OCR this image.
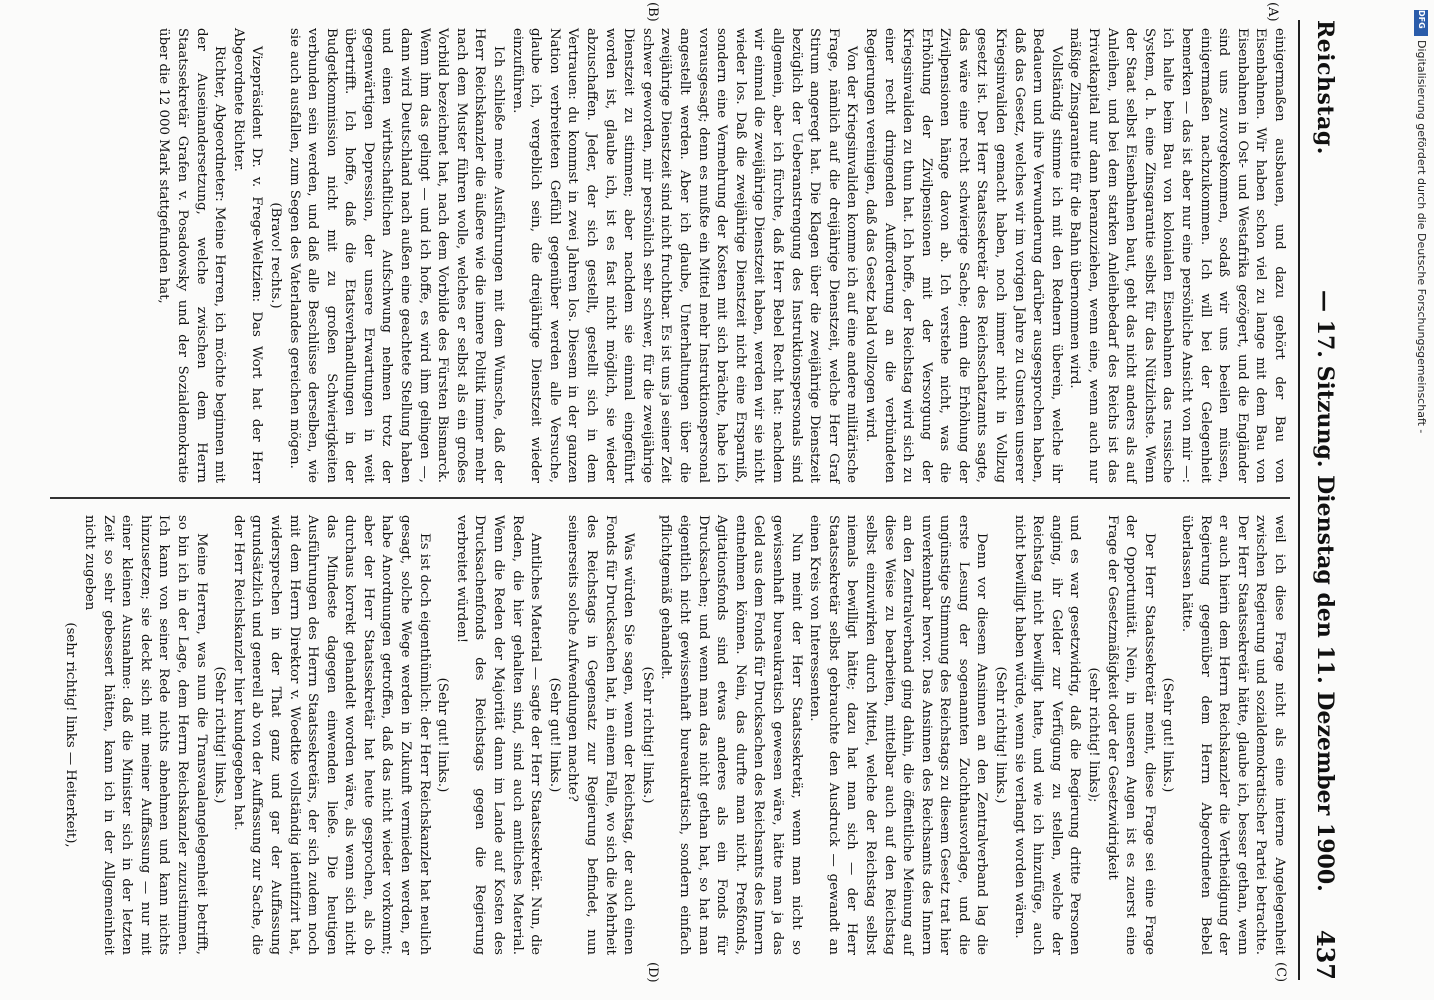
Reichstag.
— 17. Sitzung. Dienstag den 11. Dezember 1900.
437
(A)
(B)
(C)
(D)

einigermaßen ausbauen, und dazu gehört der Bau von Eisenbahnen. Wir haben schon viel zu lange mit dem Bau von Eisenbahnen in Ost- und Westafrika gezögert, und die Engländer sind uns zuvorgekommen, sodaß wir uns beeilen müssen, einigermaßen nachzukommen. Ich will bei der Gelegenheit bemerken — das ist aber nur eine persönliche Ansicht von mir —: ich halte beim Bau von kolonialen Eisenbahnen das russische System, d. h. eine Zinsgarantie selbst für das Nützlichste. Wenn der Staat selbst Eisenbahnen baut, geht das nicht anders als auf Anleihen, und bei dem starken Anleihebedarf des Reichs ist das Privatkapital nur dann heranzuziehen, wenn eine, wenn auch nur mäßige Zinsgarantie für die Bahn übernommen wird.

Vollständig stimme ich mit den Rednern überein, welche ihr Bedauern und ihre Verwunderung darüber ausgesprochen haben, daß das Gesetz, welches wir im vorigen Jahre zu Gunsten unserer Kriegsinvaliden gemacht haben, noch immer nicht in Vollzug gesetzt ist. Der Herr Staatssekretär des Reichsschatzamts sagte, das wäre eine recht schwierige Sache; denn die Erhöhung der Zivilpensionen hänge davon ab. Ich verstehe nicht, was die Erhöhung der Zivilpensionen mit der Versorgung der Kriegsinvaliden zu thun hat. Ich hoffe, der Reichstag wird sich zu einer recht dringenden Aufforderung an die verbündeten Regierungen vereinigen, daß das Gesetz bald vollzogen wird.

Von der Kriegsinvaliden komme ich auf eine andere militärische Frage, nämlich auf die dreijährige Dienstzeit, welche Herr Graf Stirum angeregt hat. Die Klagen über die zweijährige Dienstzeit bezüglich der Ueberanstrengung des Instruktionspersonals sind allgemein, aber ich fürchte, daß Herr Bebel Recht hat: nachdem wir einmal die zweijährige Dienstzeit haben, werden wir sie nicht wieder los. Daß die zweijährige Dienstzeit nicht eine Ersparniß, sondern eine Vermehrung der Kosten mit sich brächte, habe ich vorausgesagt; denn es mußte ein Mittel mehr Instruktionspersonal angestellt werden. Aber ich glaube, Unterhaltungen über die zweijährige Dienstzeit sind nicht fruchtbar. Es ist uns ja seiner Zeit schwer geworden, mir persönlich sehr schwer, für die zweijährige Dienstzeit zu stimmen; aber nachdem sie einmal eingeführt worden ist, glaube ich, ist es fast nicht möglich, sie wieder abzuschaffen. Jeder, der sich gestellt, gestellt sich in dem Vertrauen: du kommst in zwei Jahren los. Diesem in der ganzen Nation verbreiteten Gefühl gegenüber werden alle Versuche, glaube ich, vergeblich sein, die dreijährige Dienstzeit wieder einzuführen.

Ich schließe meine Ausführungen mit dem Wunsche, daß der Herr Reichskanzler die äußere wie die innere Politik immer mehr nach dem Muster führen wolle, welches er selbst als ein großes Vorbild bezeichnet hat, nach dem Vorbilde des Fürsten Bismarck. Wenn ihm das gelingt — und ich hoffe, es wird ihm gelingen —, dann wird Deutschland nach außen eine geachtete Stellung haben und einen wirthschaftlichen Aufschwung nehmen trotz der gegenwärtigen Depression, der unsere Erwartungen in weit übertrifft. Ich hoffe, daß die Etatsverhandlungen in der Budgetkommission nicht mit zu großen Schwierigkeiten verbunden sein werden, und daß alle Beschlüsse derselben, wie sie auch ausfallen, zum Segen des Vaterlandes gereichen mögen.

(Bravo! rechts.)

Vizepräsident Dr. v. Frege-Weltzien: Das Wort hat der Herr Abgeordnete Richter.

Richter, Abgeordneter: Meine Herren, ich möchte beginnen mit der Auseinandersetzung, welche zwischen dem Herrn Staatssekretär Grafen v. Posadowsky und der Sozialdemokratie über die 12 000 Mark stattgefunden hat,

weil ich diese Frage nicht als eine interne Angelegenheit zwischen Regierung und sozialdemokratischer Partei betrachte. Der Herr Staatssekretär hätte, glaube ich, besser gethan, wenn er auch hierin dem Herrn Reichskanzler die Vertheidigung der Regierung gegenüber dem Herrn Abgeordneten Bebel überlassen hätte.

(Sehr gut! links.)

Der Herr Staatssekretär meint, diese Frage sei eine Frage der Opportunität. Nein, in unseren Augen ist es zuerst eine Frage der Gesetzmäßigkeit oder der Gesetzwidrigkeit

(sehr richtig! links);

und es war gesetzwidrig, daß die Regierung dritte Personen anging, ihr Gelder zur Verfügung zu stellen, welche der Reichstag nicht bewilligt hatte, und wie ich hinzufüge, auch nicht bewilligt haben würde, wenn sie verlangt worden wären.

(Sehr richtig! links.)

Denn vor diesem Ansinnen an den Zentralverband lag die erste Lesung der sogenannten Zuchthausvorlage, und die ungünstige Stimmung des Reichstags zu diesem Gesetz trat hier unverkennbar hervor. Das Ansinnen des Reichsamts des Innern an den Zentralverband ging dahin, die öffentliche Meinung auf diese Weise zu bearbeiten, mittelbar auch auf den Reichstag selbst einzuwirken durch Mittel, welche der Reichstag selbst niemals bewilligt hätte; dazu hat man sich — der Herr Staatssekretär selbst gebrauchte den Ausdruck — gewandt an einen Kreis von Interessenten.

Nun meint der Herr Staatssekretär, wenn man nicht so gewissenhaft bureaukratisch gewesen wäre, hätte man ja das Geld aus dem Fonds für Drucksachen des Reichsamts des Innern entnehmen können. Nein, das durfte man nicht. Preßfonds, Agitationsfonds sind etwas anderes als ein Fonds für Drucksachen; und wenn man das nicht gethan hat, so hat man eigentlich nicht gewissenhaft bureaukratisch, sondern einfach pflichtgemäß gehandelt.

(Sehr richtig! links.)

Was würden Sie sagen, wenn der Reichstag, der auch einen Fonds für Drucksachen hat, in einem Falle, wo sich die Mehrheit des Reichstags in Gegensatz zur Regierung befindet, nun seinerseits solche Aufwendungen machte?

(Sehr gut! links.)

Amtliches Material — sagte der Herr Staatssekretär. Nun, die Reden, die hier gehalten sind, sind auch amtliches Material. Wenn die Reden der Majorität dann im Lande auf Kosten des Drucksachenfonds des Reichstags gegen die Regierung verbreitet würden!

(Sehr gut! links.)

Es ist doch eigenthümlich: der Herr Reichskanzler hat neulich gesagt, solche Wege werden in Zukunft vermieden werden, er habe Anordnungen getroffen, daß das nicht wieder vorkommt; aber der Herr Staatssekretär hat heute gesprochen, als ob durchaus korrekt gehandelt worden wäre, als wenn sich nicht das Mindeste dagegen einwenden ließe. Die heutigen Ausführungen des Herrn Staatssekretärs, der sich zudem noch mit dem Herrn Direktor v. Woedtke vollständig identifizirt hat, widersprechen in der That ganz und gar der Auffassung grundsätzlich und generell ab von der Auffassung zur Sache, die der Herr Reichskanzler hier kundgegeben hat.

(Sehr richtig! links.)

Meine Herren, was nun die Transvaalangelegenheit betrifft, so bin ich in der Lage, dem Herrn Reichskanzler zuzustimmen. Ich kann von seiner Rede nichts abnehmen und kann nichts hinzusetzen; sie deckt sich mit meiner Auffassung — nur mit einer kleinen Ausnahme: daß die Minister sich in der letzten Zeit so sehr gebessert hätten, kann ich in der Allgemeinheit nicht zugeben

(sehr richtig! links — Heiterkeit),

DFG
Digitalisierung gefördert durch die Deutsche Forschungsgemeinschaft -
